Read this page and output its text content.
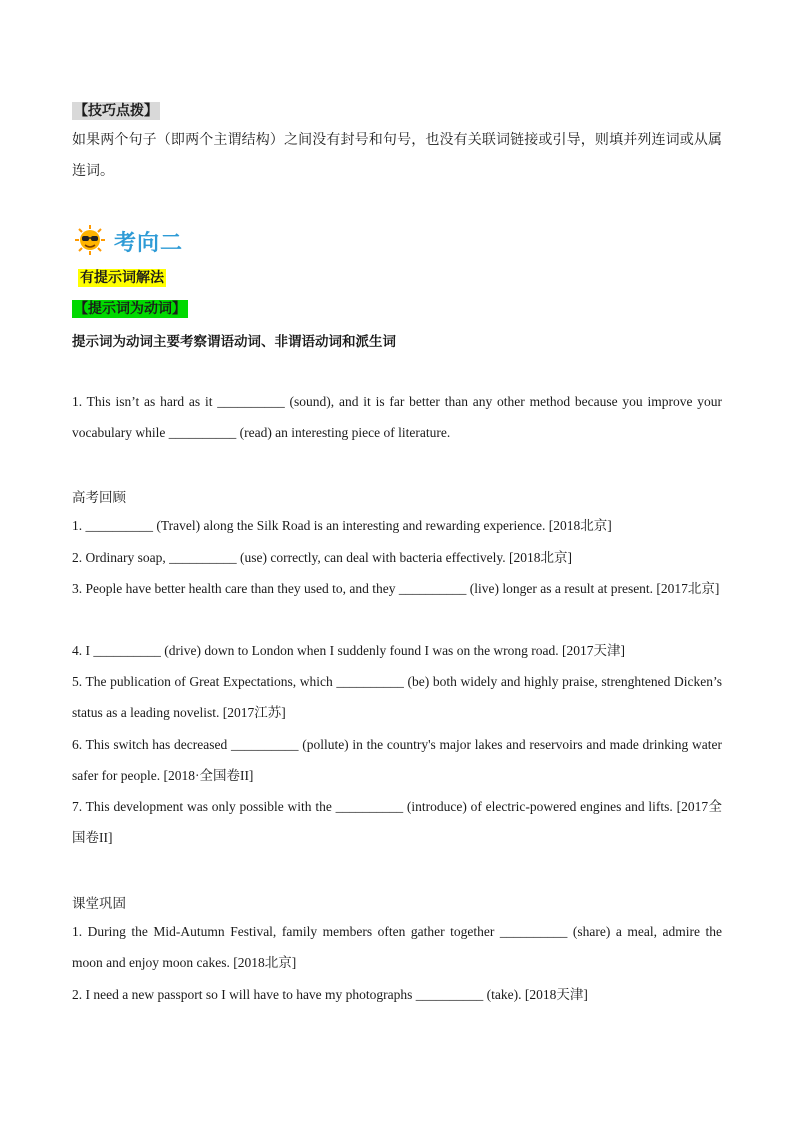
【技巧点拨】
如果两个句子（即两个主谓结构）之间没有封号和句号，也没有关联词链接或引导，则填并列连词或从属连词。
考向二
有提示词解法
【提示词为动词】
提示词为动词主要考察谓语动词、非谓语动词和派生词
1. This isn’t as hard as it __________ (sound), and it is far better than any other method because you improve your vocabulary while __________ (read) an interesting piece of literature.
高考回顾
1. __________ (Travel) along the Silk Road is an interesting and rewarding experience. [2018北京]
2. Ordinary soap, __________ (use) correctly, can deal with bacteria effectively. [2018北京]
3. People have better health care than they used to, and they __________ (live) longer as a result at present. [2017北京]
4. I __________ (drive) down to London when I suddenly found I was on the wrong road. [2017天津]
5. The publication of Great Expectations, which __________ (be) both widely and highly praise, strenghtened Dicken’s status as a leading novelist. [2017江苏]
6. This switch has decreased __________ (pollute) in the country's major lakes and reservoirs and made drinking water safer for people. [2018·全国卷II]
7. This development was only possible with the __________ (introduce) of electric-powered engines and lifts. [2017全国卷II]
课堂巩固
1. During the Mid-Autumn Festival, family members often gather together __________ (share) a meal, admire the moon and enjoy moon cakes. [2018北京]
2. I need a new passport so I will have to have my photographs __________ (take). [2018天津]
